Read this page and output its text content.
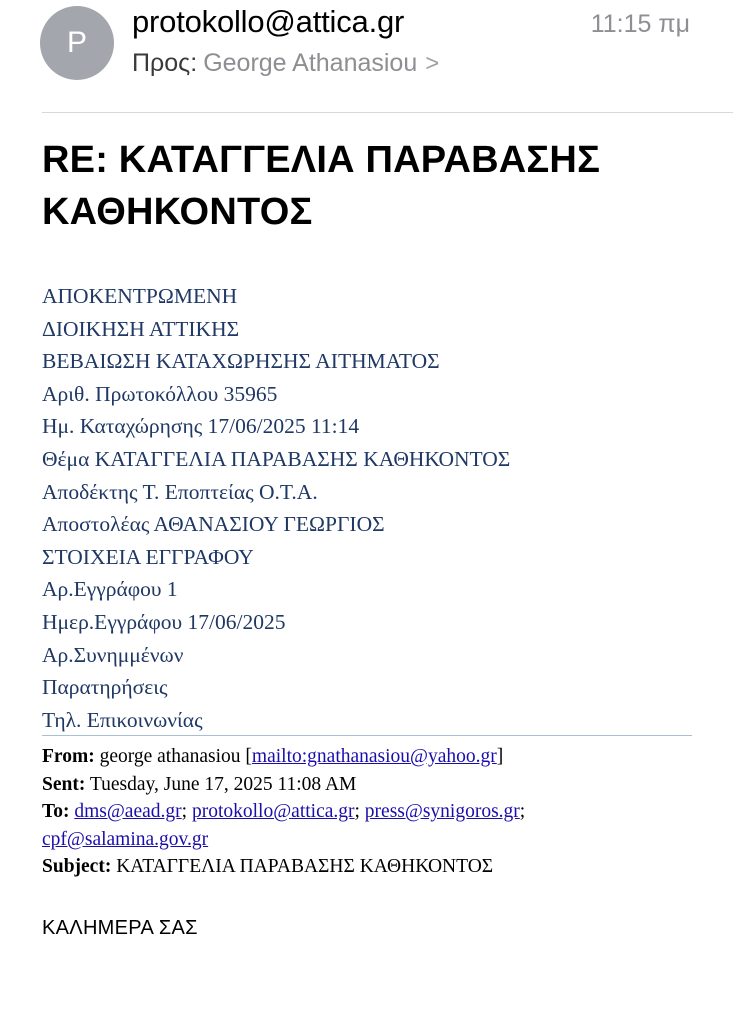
P
protokollo@attica.gr	11:15 πμ
Προς: George Athanasiou >
RE: ΚΑΤΑΓΓΕΛΙΑ ΠΑΡΑΒΑΣΗΣ ΚΑΘΗΚΟΝΤΟΣ
ΑΠΟΚΕΝΤΡΩΜΕΝΗ
ΔΙΟΙΚΗΣΗ ΑΤΤΙΚΗΣ
ΒΕΒΑΙΩΣΗ ΚΑΤΑΧΩΡΗΣΗΣ ΑΙΤΗΜΑΤΟΣ
Αριθ. Πρωτοκόλλου 35965
Ημ. Καταχώρησης 17/06/2025 11:14
Θέμα ΚΑΤΑΓΓΕΛΙΑ ΠΑΡΑΒΑΣΗΣ ΚΑΘΗΚΟΝΤΟΣ
Αποδέκτης Τ. Εποπτείας Ο.Τ.Α.
Αποστολέας ΑΘΑΝΑΣΙΟΥ ΓΕΩΡΓΙΟΣ
ΣΤΟΙΧΕΙΑ ΕΓΓΡΑΦΟΥ
Αρ.Εγγράφου 1
Ημερ.Εγγράφου 17/06/2025
Αρ.Συνημμένων
Παρατηρήσεις
Τηλ. Επικοινωνίας
From: george athanasiou [mailto:gnathanasiou@yahoo.gr]
Sent: Tuesday, June 17, 2025 11:08 AM
To: dms@aead.gr; protokollo@attica.gr; press@synigoros.gr;
cpf@salamina.gov.gr
Subject: ΚΑΤΑΓΓΕΛΙΑ ΠΑΡΑΒΑΣΗΣ ΚΑΘΗΚΟΝΤΟΣ
ΚΑΛΗΜΕΡΑ ΣΑΣ
